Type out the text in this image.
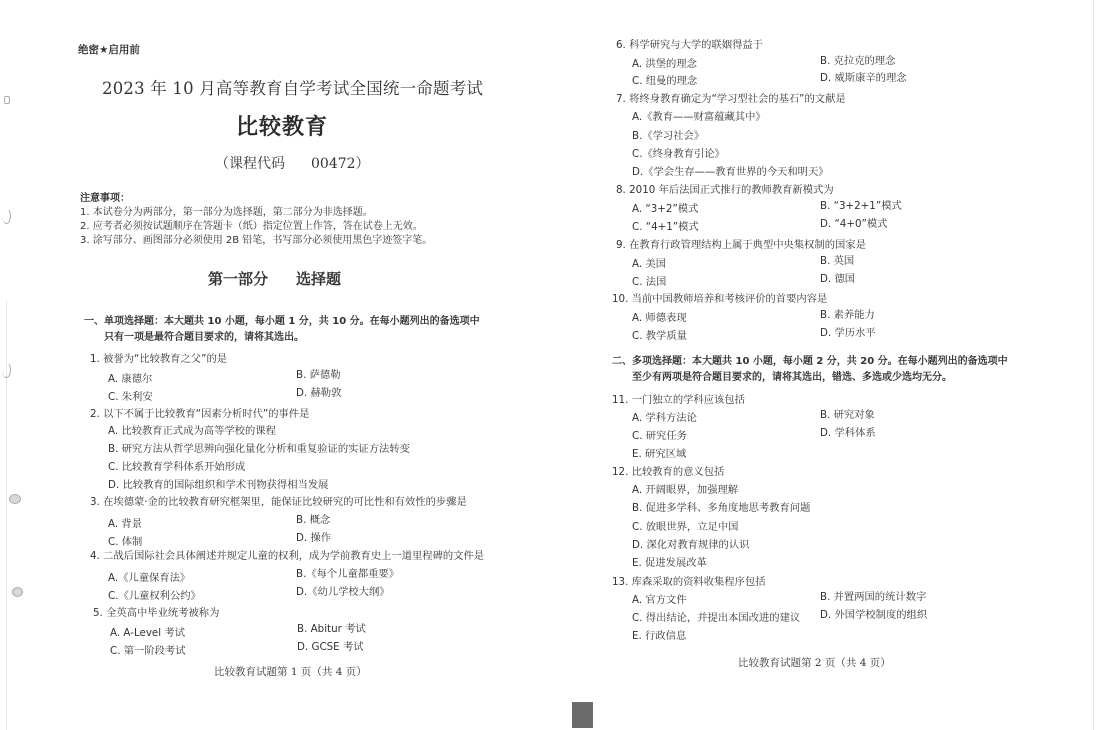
绝密★启用前
2023 年 10 月高等教育自学考试全国统一命题考试
比较教育
（课程代码 00472）
注意事项：
1. 本试卷分为两部分，第一部分为选择题，第二部分为非选择题。
2. 应考者必须按试题顺序在答题卡（纸）指定位置上作答，答在试卷上无效。
3. 涂写部分、画图部分必须使用 2B 铅笔，书写部分必须使用黑色字迹签字笔。
第一部分 选择题
一、单项选择题：本大题共 10 小题，每小题 1 分，共 10 分。在每小题列出的备选项中
只有一项是最符合题目要求的，请将其选出。
1. 被誉为“比较教育之父”的是
A. 康德尔	B. 萨德勒
C. 朱利安	D. 赫勒敦
2. 以下不属于比较教育“因素分析时代”的事件是
A. 比较教育正式成为高等学校的课程
B. 研究方法从哲学思辨向强化量化分析和重复验证的实证方法转变
C. 比较教育学科体系开始形成
D. 比较教育的国际组织和学术刊物获得相当发展
3. 在埃德蒙·金的比较教育研究框架里，能保证比较研究的可比性和有效性的步骤是
A. 背景	B. 概念
C. 体制	D. 操作
4. 二战后国际社会具体阐述并规定儿童的权利，成为学前教育史上一道里程碑的文件是
A.《儿童保育法》	B.《每个儿童都重要》
C.《儿童权利公约》	D.《幼儿学校大纲》
5. 全英高中毕业统考被称为
A. A-Level 考试	B. Abitur 考试
C. 第一阶段考试	D. GCSE 考试
比较教育试题第 1 页（共 4 页）
6. 科学研究与大学的联姻得益于
A. 洪堡的理念	B. 克拉克的理念
C. 纽曼的理念	D. 威斯康辛的理念
7. 将终身教育确定为“学习型社会的基石”的文献是
A.《教育——财富蕴藏其中》
B.《学习社会》
C.《终身教育引论》
D.《学会生存——教育世界的今天和明天》
8. 2010 年后法国正式推行的教师教育新模式为
A. “3+2”模式	B. “3+2+1”模式
C. “4+1”模式	D. “4+0”模式
9. 在教育行政管理结构上属于典型中央集权制的国家是
A. 美国	B. 英国
C. 法国	D. 德国
10. 当前中国教师培养和考核评价的首要内容是
A. 师德表现	B. 素养能力
C. 教学质量	D. 学历水平
二、多项选择题：本大题共 10 小题，每小题 2 分，共 20 分。在每小题列出的备选项中
至少有两项是符合题目要求的，请将其选出，错选、多选或少选均无分。
11. 一门独立的学科应该包括
A. 学科方法论	B. 研究对象
C. 研究任务	D. 学科体系
E. 研究区域
12. 比较教育的意义包括
A. 开阔眼界，加强理解
B. 促进多学科、多角度地思考教育问题
C. 放眼世界，立足中国
D. 深化对教育规律的认识
E. 促进发展改革
13. 库森采取的资料收集程序包括
A. 官方文件	B. 并置两国的统计数字
C. 得出结论，并提出本国改进的建议 D. 外国学校制度的组织
E. 行政信息
比较教育试题第 2 页（共 4 页）
